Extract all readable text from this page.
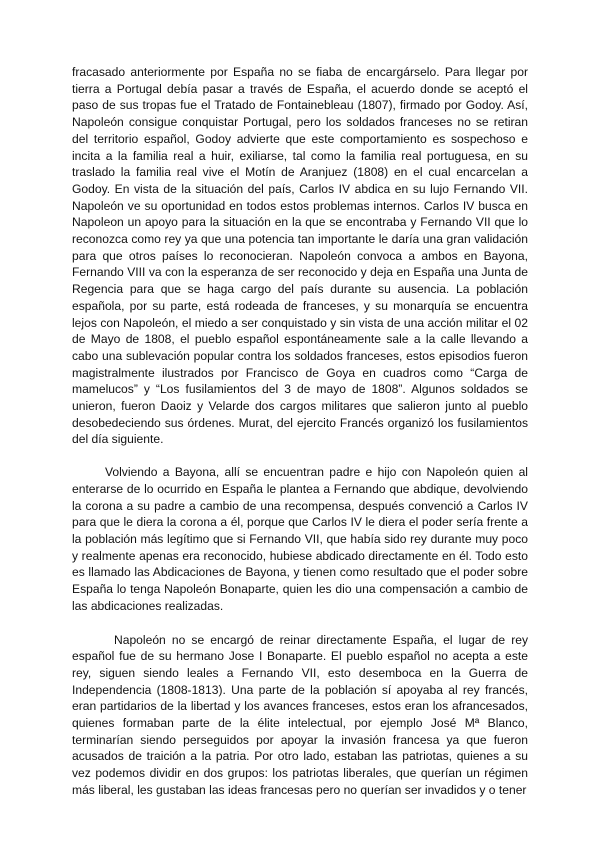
fracasado anteriormente por España no se fiaba de encargárselo. Para llegar por tierra a Portugal debía pasar a través de España, el acuerdo donde se aceptó el paso de sus tropas fue el Tratado de Fontainebleau (1807), firmado por Godoy. Así, Napoleón consigue conquistar Portugal, pero los soldados franceses no se retiran del territorio español, Godoy advierte que este comportamiento es sospechoso e incita a la familia real a huir, exiliarse, tal como la familia real portuguesa, en su traslado la familia real vive el Motín de Aranjuez (1808) en el cual encarcelan a Godoy. En vista de la situación del país, Carlos IV abdica en su lujo Fernando VII. Napoleón ve su oportunidad en todos estos problemas internos. Carlos IV busca en Napoleon un apoyo para la situación en la que se encontraba y Fernando VII que lo reconozca como rey ya que una potencia tan importante le daría una gran validación para que otros países lo reconocieran. Napoleón convoca a ambos en Bayona, Fernando VIII va con la esperanza de ser reconocido y deja en España una Junta de Regencia para que se haga cargo del país durante su ausencia. La población española, por su parte, está rodeada de franceses, y su monarquía se encuentra lejos con Napoleón, el miedo a ser conquistado y sin vista de una acción militar el 02 de Mayo de 1808, el pueblo español espontáneamente sale a la calle llevando a cabo una sublevación popular contra los soldados franceses, estos episodios fueron magistralmente ilustrados por Francisco de Goya en cuadros como “Carga de mamelucos” y “Los fusilamientos del 3 de mayo de 1808”. Algunos soldados se unieron, fueron Daoiz y Velarde dos cargos militares que salieron junto al pueblo desobedeciendo sus órdenes. Murat, del ejercito Francés organizó los fusilamientos del día siguiente.

Volviendo a Bayona, allí se encuentran padre e hijo con Napoleón quien al enterarse de lo ocurrido en España le plantea a Fernando que abdique, devolviendo la corona a su padre a cambio de una recompensa, después convenció a Carlos IV para que le diera la corona a él, porque que Carlos IV le diera el poder sería frente a la población más legítimo que si Fernando VII, que había sido rey durante muy poco y realmente apenas era reconocido, hubiese abdicado directamente en él. Todo esto es llamado las Abdicaciones de Bayona, y tienen como resultado que el poder sobre España lo tenga Napoleón Bonaparte, quien les dio una compensación a cambio de las abdicaciones realizadas.

Napoleón no se encargó de reinar directamente España, el lugar de rey español fue de su hermano Jose I Bonaparte. El pueblo español no acepta a este rey, siguen siendo leales a Fernando VII, esto desemboca en la Guerra de Independencia (1808-1813). Una parte de la población sí apoyaba al rey francés, eran partidarios de la libertad y los avances franceses, estos eran los afrancesados, quienes formaban parte de la élite intelectual, por ejemplo José Mª Blanco, terminarían siendo perseguidos por apoyar la invasión francesa ya que fueron acusados de traición a la patria. Por otro lado, estaban las patriotas, quienes a su vez podemos dividir en dos grupos: los patriotas liberales, que querían un régimen más liberal, les gustaban las ideas francesas pero no querían ser invadidos y o tener
